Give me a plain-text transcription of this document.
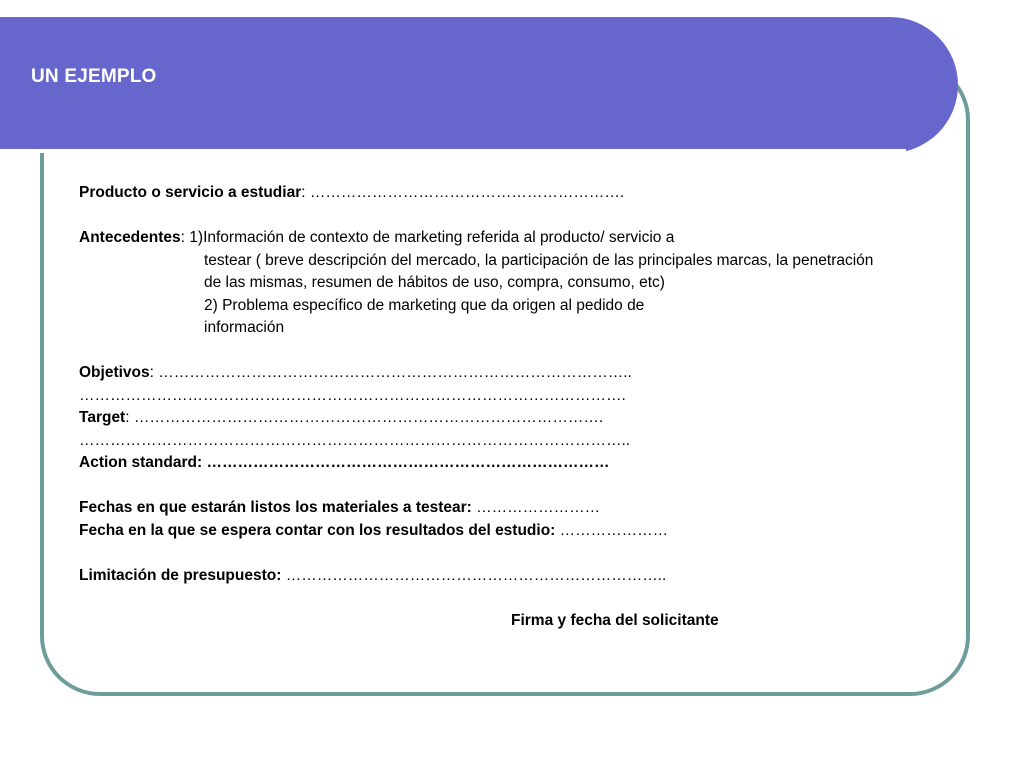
UN EJEMPLO
Producto o servicio a estudiar: …………………………………………………….
Antecedentes: 1)Información de contexto de marketing referida al producto/ servicio a
testear ( breve descripción del mercado, la participación de las principales marcas, la penetración
de las mismas, resumen de hábitos de uso, compra, consumo, etc)
2) Problema específico de marketing que da origen al pedido de
información
Objetivos: ………………………………………………………………………………..
…………………………………………………………………………………………….
Target: ……………………………………………………………………………….
……………………………………………………………………………………………..
Action standard: ……………………………………………………………………
Fechas en que estarán listos los materiales a testear: ……………………
Fecha en la que se espera contar con los resultados del estudio: …………………
Limitación de presupuesto: ………………………………………………………………..
Firma y fecha del solicitante
